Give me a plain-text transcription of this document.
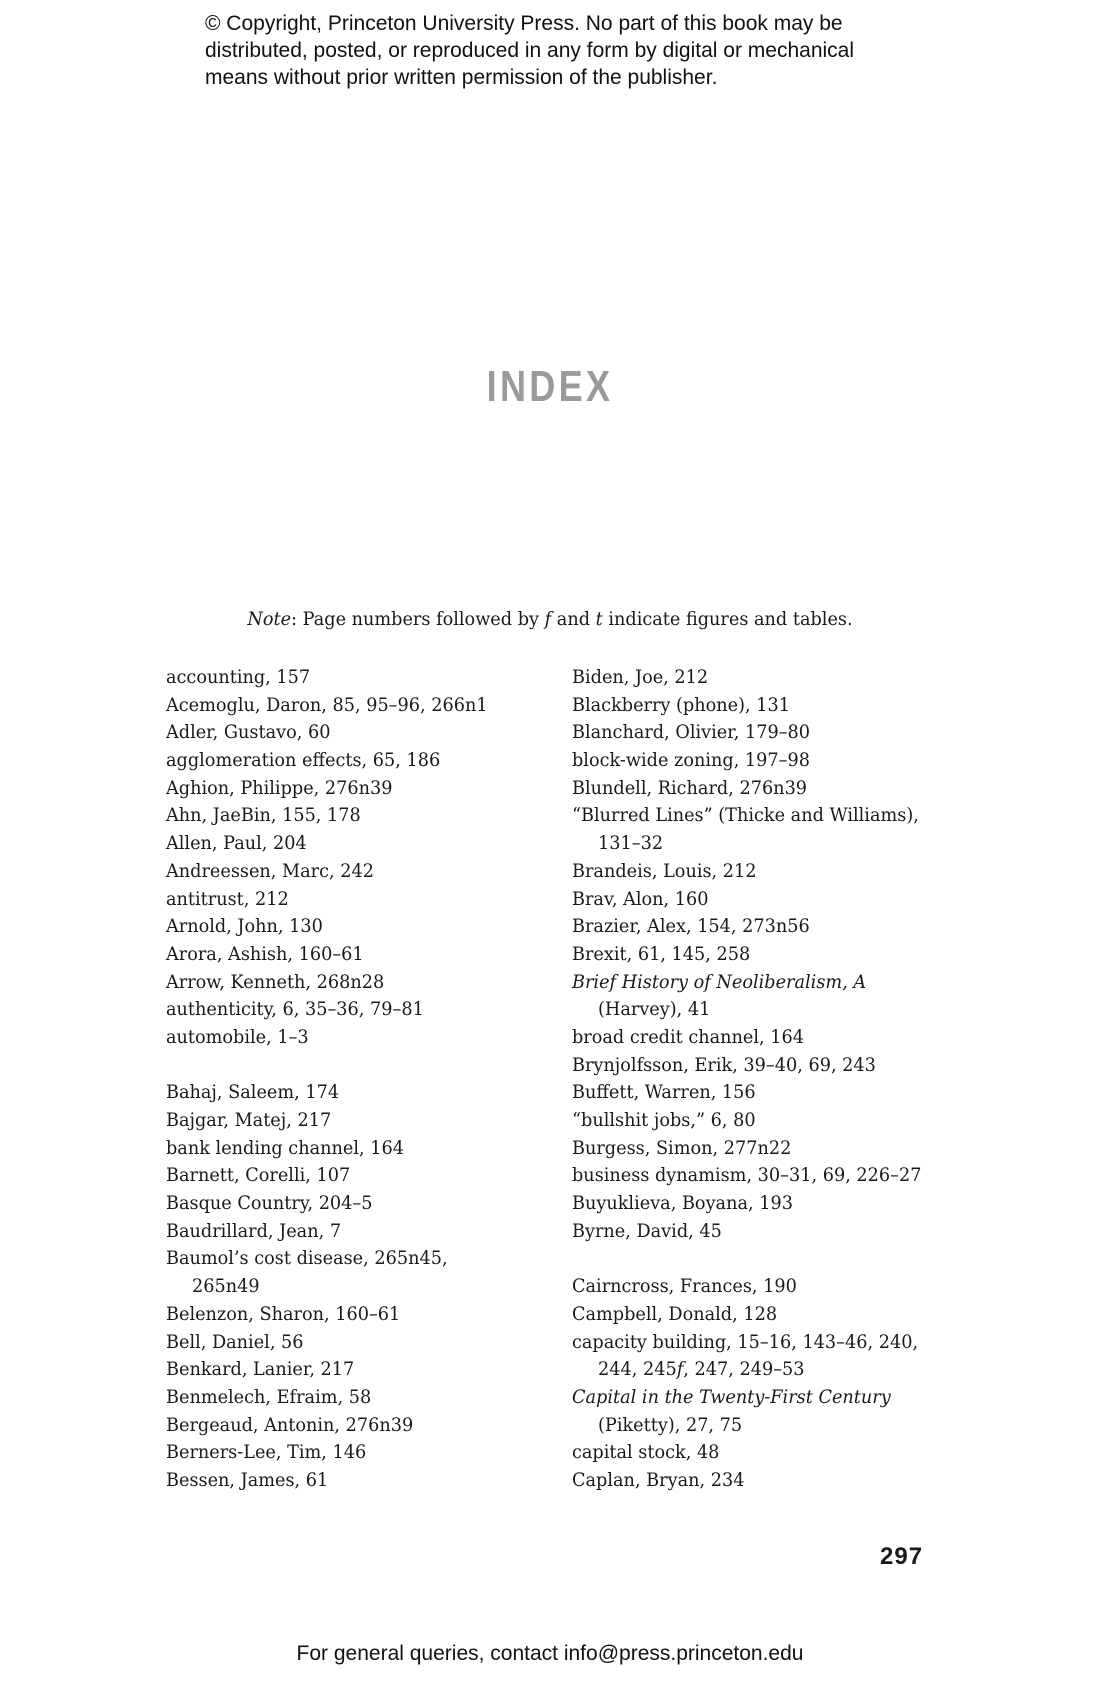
© Copyright, Princeton University Press. No part of this book may be
distributed, posted, or reproduced in any form by digital or mechanical
means without prior written permission of the publisher.
INDEX
Note: Page numbers followed by f and t indicate figures and tables.
accounting, 157
Acemoglu, Daron, 85, 95–96, 266n1
Adler, Gustavo, 60
agglomeration effects, 65, 186
Aghion, Philippe, 276n39
Ahn, JaeBin, 155, 178
Allen, Paul, 204
Andreessen, Marc, 242
antitrust, 212
Arnold, John, 130
Arora, Ashish, 160–61
Arrow, Kenneth, 268n28
authenticity, 6, 35–36, 79–81
automobile, 1–3
Bahaj, Saleem, 174
Bajgar, Matej, 217
bank lending channel, 164
Barnett, Corelli, 107
Basque Country, 204–5
Baudrillard, Jean, 7
Baumol’s cost disease, 265n45,
265n49
Belenzon, Sharon, 160–61
Bell, Daniel, 56
Benkard, Lanier, 217
Benmelech, Efraim, 58
Bergeaud, Antonin, 276n39
Berners-Lee, Tim, 146
Bessen, James, 61
Biden, Joe, 212
Blackberry (phone), 131
Blanchard, Olivier, 179–80
block-wide zoning, 197–98
Blundell, Richard, 276n39
“Blurred Lines” (Thicke and Williams),
131–32
Brandeis, Louis, 212
Brav, Alon, 160
Brazier, Alex, 154, 273n56
Brexit, 61, 145, 258
Brief History of Neoliberalism, A
(Harvey), 41
broad credit channel, 164
Brynjolfsson, Erik, 39–40, 69, 243
Buffett, Warren, 156
“bullshit jobs,” 6, 80
Burgess, Simon, 277n22
business dynamism, 30–31, 69, 226–27
Buyuklieva, Boyana, 193
Byrne, David, 45
Cairncross, Frances, 190
Campbell, Donald, 128
capacity building, 15–16, 143–46, 240,
244, 245f, 247, 249–53
Capital in the Twenty-First Century
(Piketty), 27, 75
capital stock, 48
Caplan, Bryan, 234
297
For general queries, contact info@press.princeton.edu
